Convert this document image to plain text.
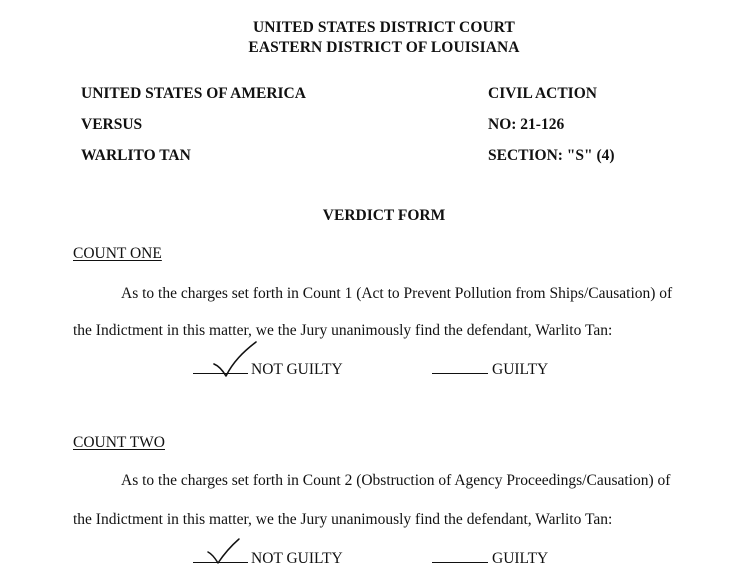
UNITED STATES DISTRICT COURT
EASTERN DISTRICT OF LOUISIANA
UNITED STATES OF AMERICA
VERSUS
WARLITO TAN
CIVIL ACTION
NO: 21-126
SECTION: "S" (4)
VERDICT FORM
COUNT ONE
As to the charges set forth in Count 1 (Act to Prevent Pollution from Ships/Causation) of
the Indictment in this matter, we the Jury unanimously find the defendant, Warlito Tan:
NOT GUILTY	GUILTY
COUNT TWO
As to the charges set forth in Count 2 (Obstruction of Agency Proceedings/Causation) of
the Indictment in this matter, we the Jury unanimously find the defendant, Warlito Tan:
NOT GUILTY	GUILTY
